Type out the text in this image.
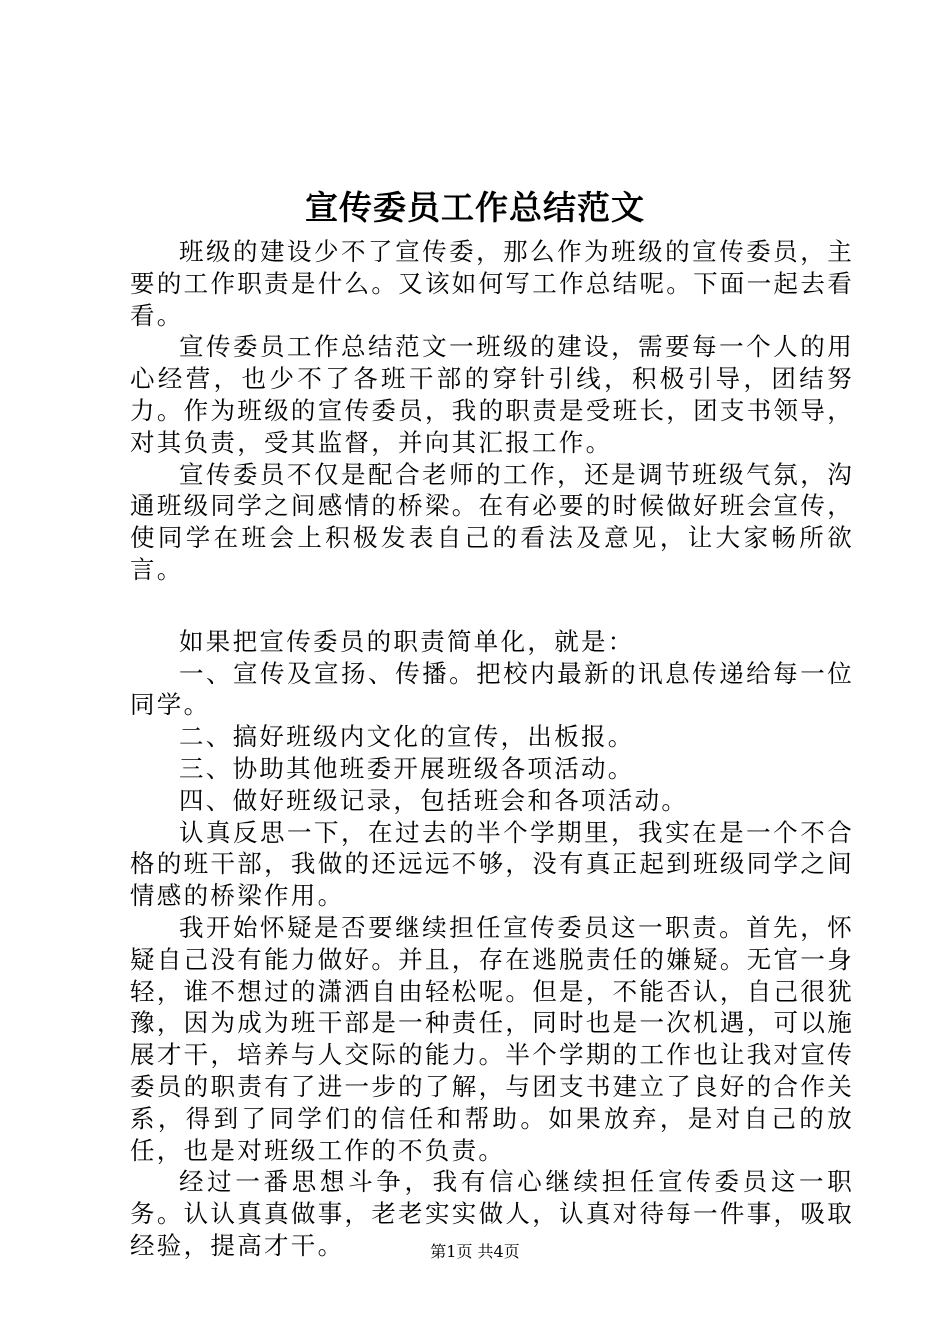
宣传委员工作总结范文

班级的建设少不了宣传委，那么作为班级的宣传委员，主要的工作职责是什么。又该如何写工作总结呢。下面一起去看看。

宣传委员工作总结范文一班级的建设，需要每一个人的用心经营，也少不了各班干部的穿针引线，积极引导，团结努力。作为班级的宣传委员，我的职责是受班长，团支书领导，对其负责，受其监督，并向其汇报工作。

宣传委员不仅是配合老师的工作，还是调节班级气氛，沟通班级同学之间感情的桥梁。在有必要的时候做好班会宣传，使同学在班会上积极发表自己的看法及意见，让大家畅所欲言。

如果把宣传委员的职责简单化，就是：

一、宣传及宣扬、传播。把校内最新的讯息传递给每一位同学。

二、搞好班级内文化的宣传，出板报。

三、协助其他班委开展班级各项活动。

四、做好班级记录，包括班会和各项活动。

认真反思一下，在过去的半个学期里，我实在是一个不合格的班干部，我做的还远远不够，没有真正起到班级同学之间情感的桥梁作用。

我开始怀疑是否要继续担任宣传委员这一职责。首先，怀疑自己没有能力做好。并且，存在逃脱责任的嫌疑。无官一身轻，谁不想过的潇洒自由轻松呢。但是，不能否认，自己很犹豫，因为成为班干部是一种责任，同时也是一次机遇，可以施展才干，培养与人交际的能力。半个学期的工作也让我对宣传委员的职责有了进一步的了解，与团支书建立了良好的合作关系，得到了同学们的信任和帮助。如果放弃，是对自己的放任，也是对班级工作的不负责。

经过一番思想斗争，我有信心继续担任宣传委员这一职务。认认真真做事，老老实实做人，认真对待每一件事，吸取经验，提高才干。	第1页 共4页
